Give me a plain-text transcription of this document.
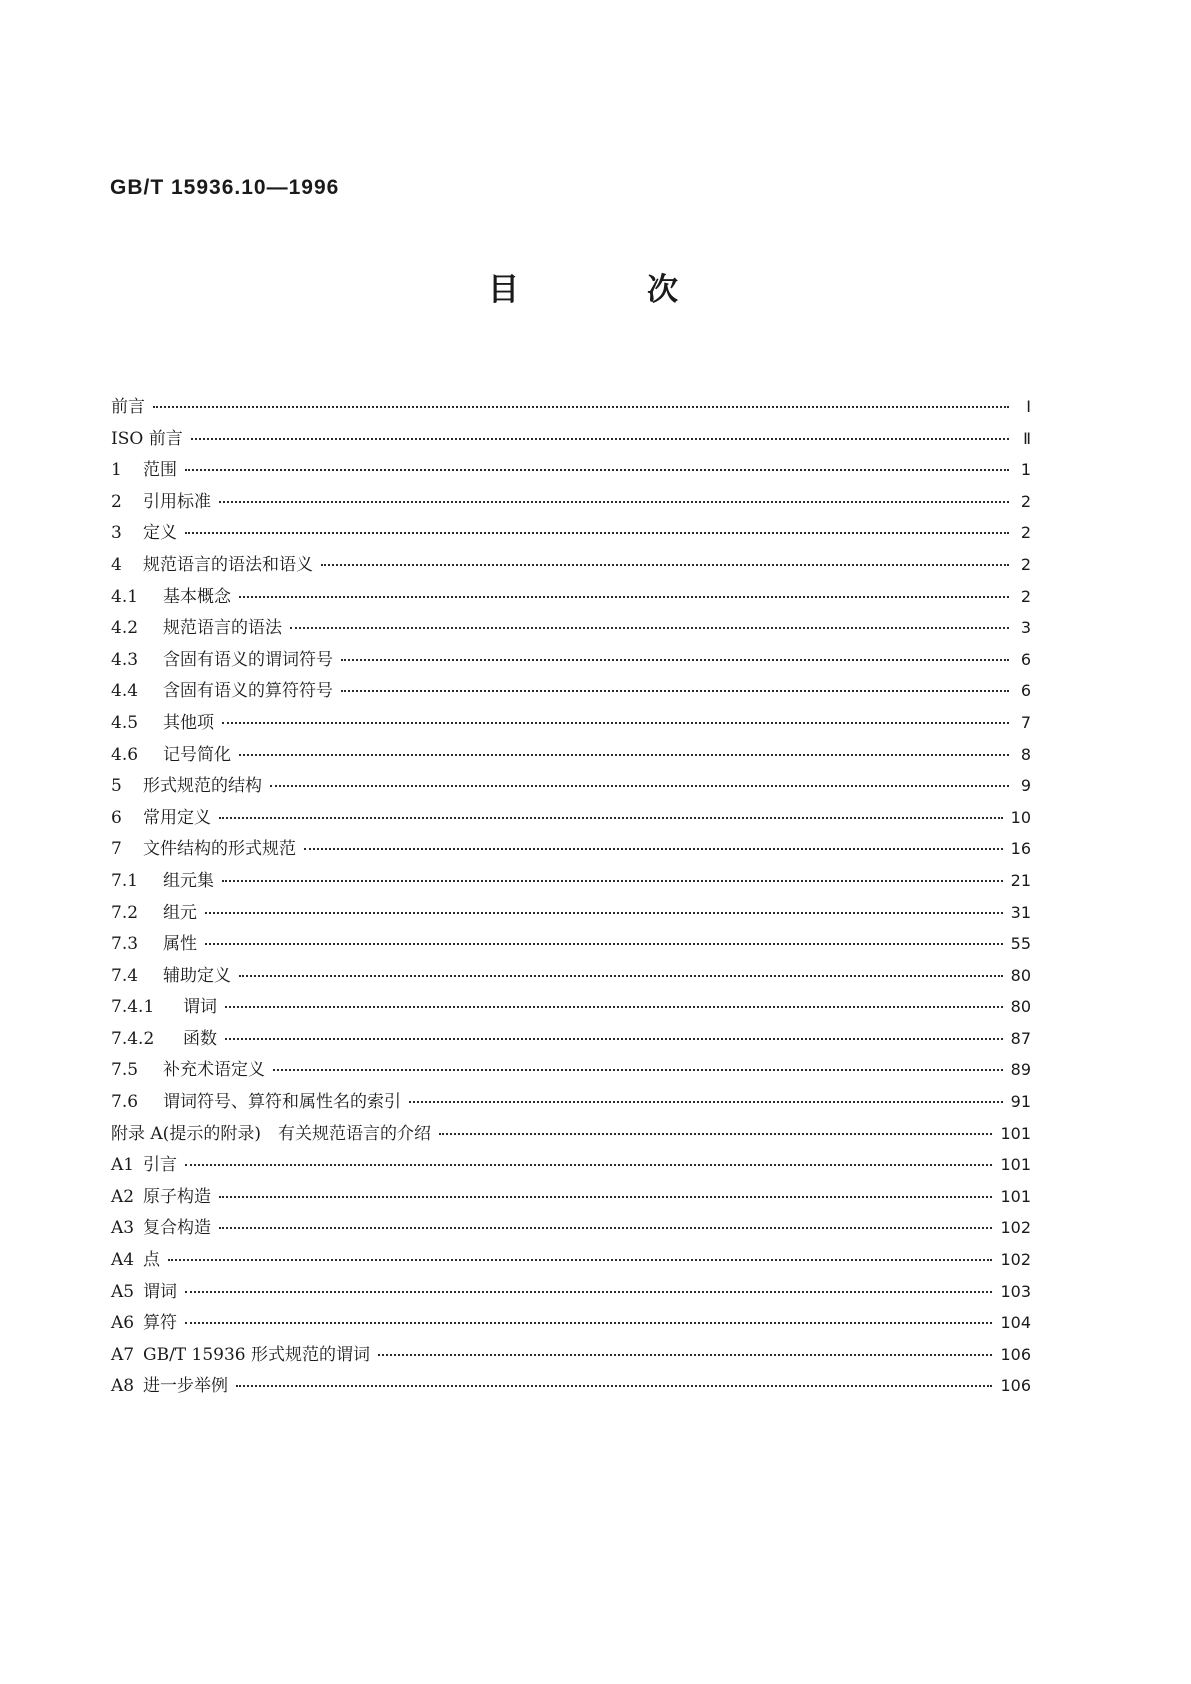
GB/T 15936.10—1996
目	次
前言	I
ISO 前言	Ⅱ
1	范围	1
2	引用标准	2
3	定义	2
4	规范语言的语法和语义	2
4.1	基本概念	2
4.2	规范语言的语法	3
4.3	含固有语义的谓词符号	6
4.4	含固有语义的算符符号	6
4.5	其他项	7
4.6	记号简化	8
5	形式规范的结构	9
6	常用定义	10
7	文件结构的形式规范	16
7.1	组元集	21
7.2	组元	31
7.3	属性	55
7.4	辅助定义	80
7.4.1	谓词	80
7.4.2	函数	87
7.5	补充术语定义	89
7.6	谓词符号、算符和属性名的索引	91
附录 A(提示的附录)　有关规范语言的介绍	101
A1 引言	101
A2 原子构造	101
A3 复合构造	102
A4 点	102
A5 谓词	103
A6 算符	104
A7 GB/T 15936 形式规范的谓词	106
A8 进一步举例	106
